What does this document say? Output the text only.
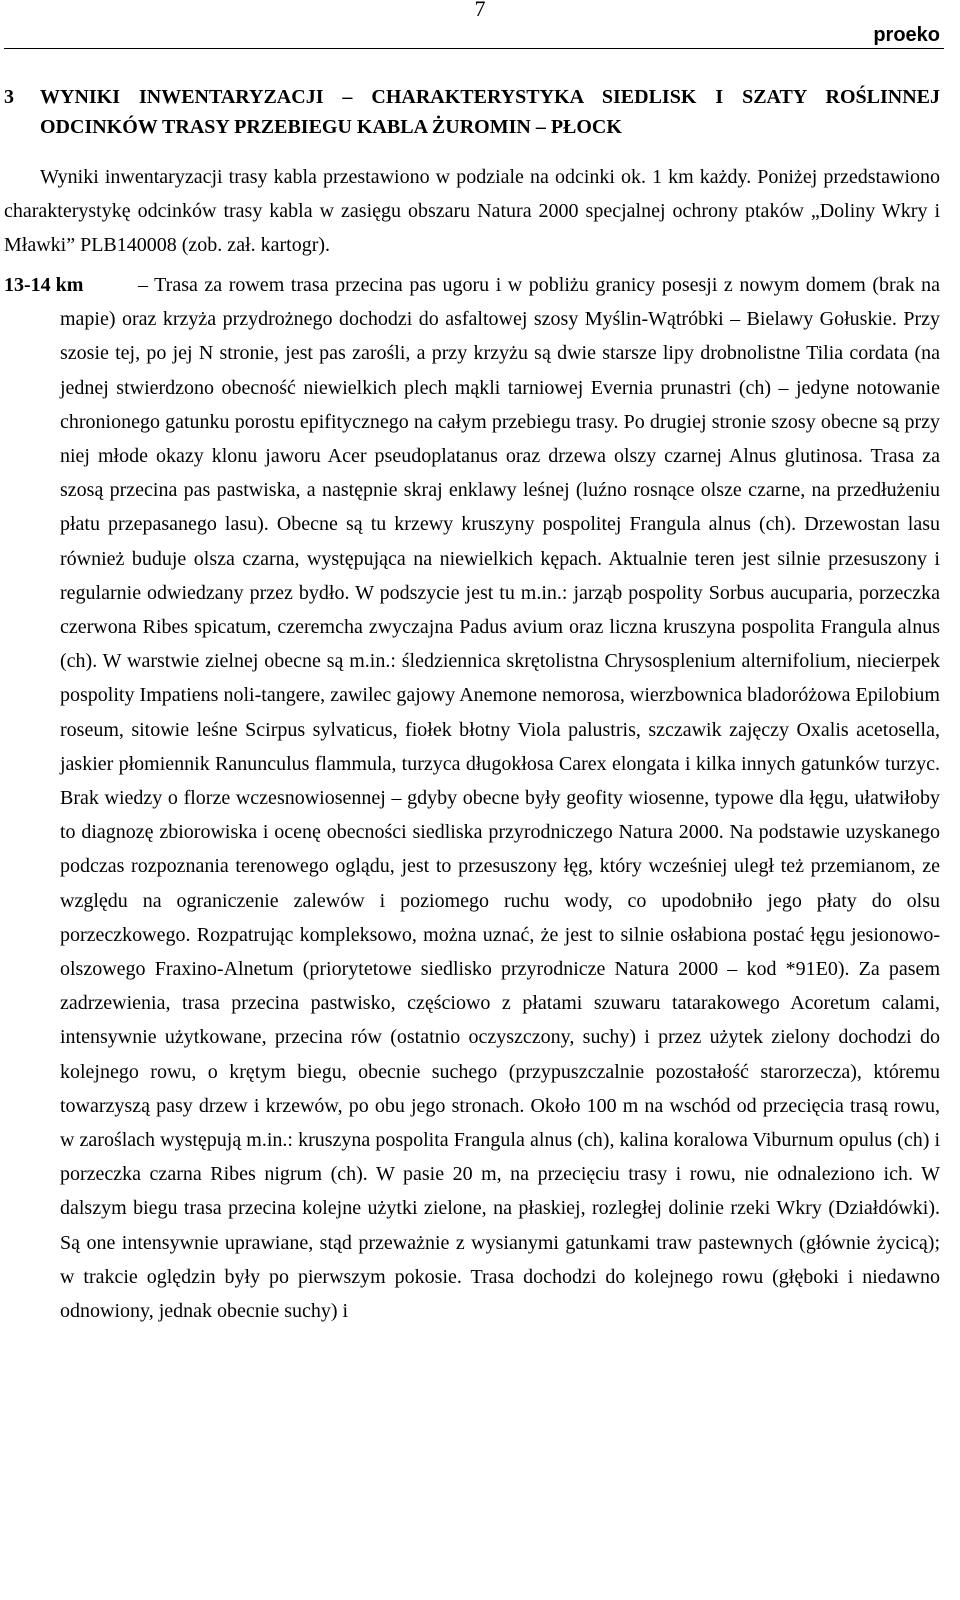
7
proeko
3 WYNIKI INWENTARYZACJI – CHARAKTERYSTYKA SIEDLISK I SZATY ROŚLINNEJ ODCINKÓW TRASY PRZEBIEGU KABLA ŻUROMIN – PŁOCK

Wyniki inwentaryzacji trasy kabla przestawiono w podziale na odcinki ok. 1 km każdy. Poniżej przedstawiono charakterystykę odcinków trasy kabla w zasięgu obszaru Natura 2000 specjalnej ochrony ptaków „Doliny Wkry i Mławki” PLB140008 (zob. zał. kartogr).

13-14 km	– Trasa za rowem trasa przecina pas ugoru i w pobliżu granicy posesji z nowym domem (brak na mapie) oraz krzyża przydrożnego dochodzi do asfaltowej szosy Myślin-Wątróbki – Bielawy Gołuskie. Przy szosie tej, po jej N stronie, jest pas zarośli, a przy krzyżu są dwie starsze lipy drobnolistne Tilia cordata (na jednej stwierdzono obecność niewielkich plech mąkli tarniowej Evernia prunastri (ch) – jedyne notowanie chronionego gatunku porostu epifitycznego na całym przebiegu trasy. Po drugiej stronie szosy obecne są przy niej młode okazy klonu jaworu Acer pseudoplatanus oraz drzewa olszy czarnej Alnus glutinosa. Trasa za szosą przecina pas pastwiska, a następnie skraj enklawy leśnej (luźno rosnące olsze czarne, na przedłużeniu płatu przepasanego lasu). Obecne są tu krzewy kruszyny pospolitej Frangula alnus (ch). Drzewostan lasu również buduje olsza czarna, występująca na niewielkich kępach. Aktualnie teren jest silnie przesuszony i regularnie odwiedzany przez bydło. W podszycie jest tu m.in.: jarząb pospolity Sorbus aucuparia, porzeczka czerwona Ribes spicatum, czeremcha zwyczajna Padus avium oraz liczna kruszyna pospolita Frangula alnus (ch). W warstwie zielnej obecne są m.in.: śledziennica skrętolistna Chrysosplenium alternifolium, niecierpek pospolity Impatiens noli-tangere, zawilec gajowy Anemone nemorosa, wierzbownica bladoróżowa Epilobium roseum, sitowie leśne Scirpus sylvaticus, fiołek błotny Viola palustris, szczawik zajęczy Oxalis acetosella, jaskier płomiennik Ranunculus flammula, turzyca długokłosa Carex elongata i kilka innych gatunków turzyc. Brak wiedzy o florze wczesnowiosennej – gdyby obecne były geofity wiosenne, typowe dla łęgu, ułatwiłoby to diagnozę zbiorowiska i ocenę obecności siedliska przyrodniczego Natura 2000. Na podstawie uzyskanego podczas rozpoznania terenowego oglądu, jest to przesuszony łęg, który wcześniej uległ też przemianom, ze względu na ograniczenie zalewów i poziomego ruchu wody, co upodobniło jego płaty do olsu porzeczkowego. Rozpatrując kompleksowo, można uznać, że jest to silnie osłabiona postać łęgu jesionowo-olszowego Fraxino-Alnetum (priorytetowe siedlisko przyrodnicze Natura 2000 – kod *91E0). Za pasem zadrzewienia, trasa przecina pastwisko, częściowo z płatami szuwaru tatarakowego Acoretum calami, intensywnie użytkowane, przecina rów (ostatnio oczyszczony, suchy) i przez użytek zielony dochodzi do kolejnego rowu, o krętym biegu, obecnie suchego (przypuszczalnie pozostałość starorzecza), któremu towarzyszą pasy drzew i krzewów, po obu jego stronach. Około 100 m na wschód od przecięcia trasą rowu, w zaroślach występują m.in.: kruszyna pospolita Frangula alnus (ch), kalina koralowa Viburnum opulus (ch) i porzeczka czarna Ribes nigrum (ch). W pasie 20 m, na przecięciu trasy i rowu, nie odnaleziono ich. W dalszym biegu trasa przecina kolejne użytki zielone, na płaskiej, rozległej dolinie rzeki Wkry (Działdówki). Są one intensywnie uprawiane, stąd przeważnie z wysianymi gatunkami traw pastewnych (głównie życicą); w trakcie oględzin były po pierwszym pokosie. Trasa dochodzi do kolejnego rowu (głęboki i niedawno odnowiony, jednak obecnie suchy) i
